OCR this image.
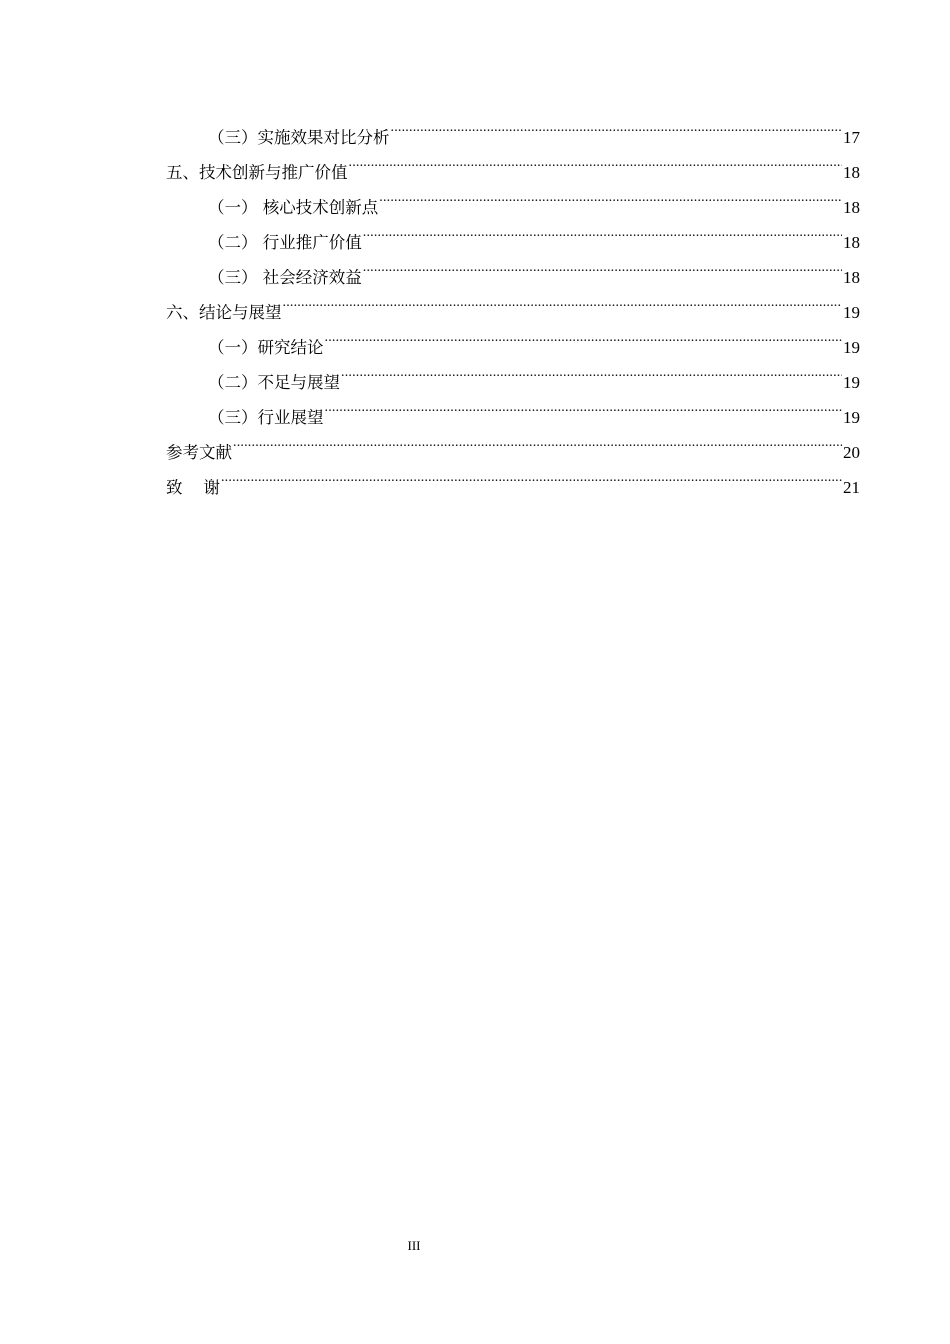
（三）实施效果对比分析 .....	17
五、技术创新与推广价值 .....	18
（一） 核心技术创新点 .....	18
（二） 行业推广价值 .....	18
（三） 社会经济效益 .....	18
六、结论与展望 .....	19
（一）研究结论 .....	19
（二）不足与展望 .....	19
（三）行业展望 .....	19
参考文献 .....	20
致    谢 .....	21
III
